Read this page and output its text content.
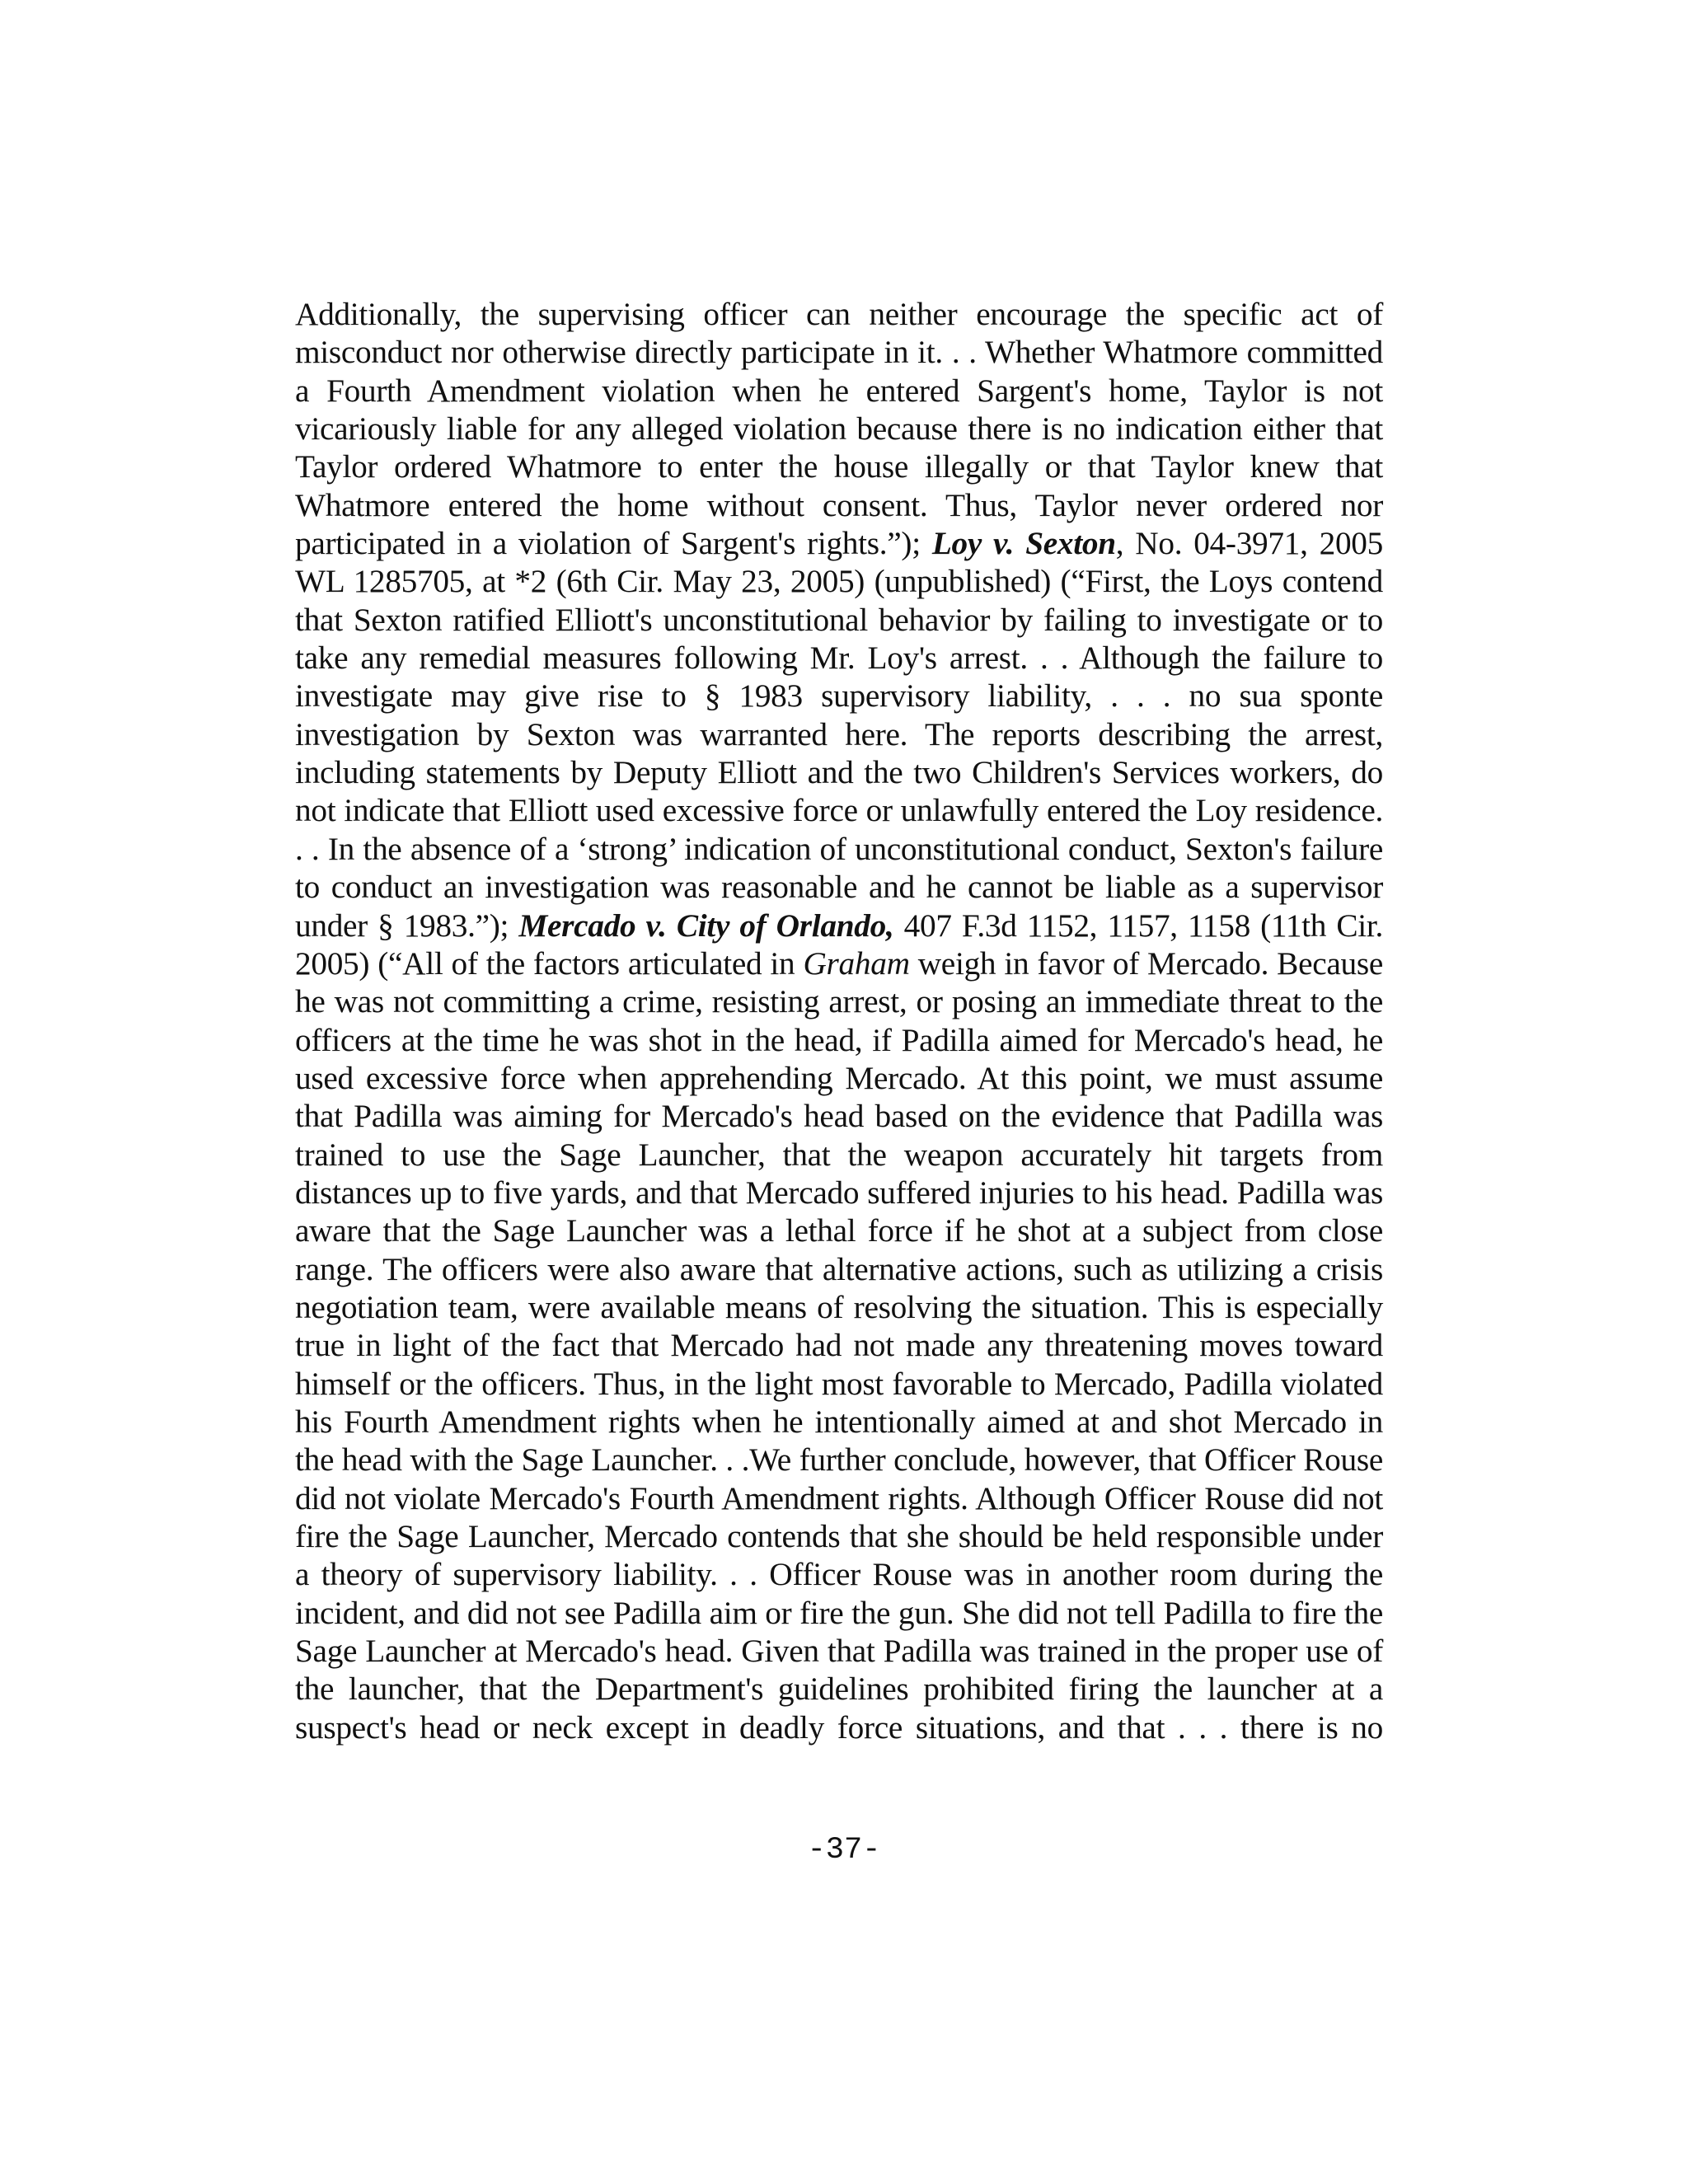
Additionally, the supervising officer can neither encourage the specific act of misconduct nor otherwise directly participate in it. . . Whether Whatmore committed a Fourth Amendment violation when he entered Sargent's home, Taylor is not vicariously liable for any alleged violation because there is no indication either that Taylor ordered Whatmore to enter the house illegally or that Taylor knew that Whatmore entered the home without consent. Thus, Taylor never ordered nor participated in a violation of Sargent's rights.”); Loy v. Sexton, No. 04-3971, 2005 WL 1285705, at *2 (6th Cir. May 23, 2005) (unpublished) (“First, the Loys contend that Sexton ratified Elliott's unconstitutional behavior by failing to investigate or to take any remedial measures following Mr. Loy's arrest. . . Although the failure to investigate may give rise to § 1983 supervisory liability, . . . no sua sponte investigation by Sexton was warranted here. The reports describing the arrest, including statements by Deputy Elliott and the two Children's Services workers, do not indicate that Elliott used excessive force or unlawfully entered the Loy residence. . . In the absence of a ‘strong’ indication of unconstitutional conduct, Sexton's failure to conduct an investigation was reasonable and he cannot be liable as a supervisor under § 1983.”); Mercado v. City of Orlando, 407 F.3d 1152, 1157, 1158 (11th Cir. 2005) (“All of the factors articulated in Graham weigh in favor of Mercado. Because he was not committing a crime, resisting arrest, or posing an immediate threat to the officers at the time he was shot in the head, if Padilla aimed for Mercado's head, he used excessive force when apprehending Mercado. At this point, we must assume that Padilla was aiming for Mercado's head based on the evidence that Padilla was trained to use the Sage Launcher, that the weapon accurately hit targets from distances up to five yards, and that Mercado suffered injuries to his head. Padilla was aware that the Sage Launcher was a lethal force if he shot at a subject from close range. The officers were also aware that alternative actions, such as utilizing a crisis negotiation team, were available means of resolving the situation. This is especially true in light of the fact that Mercado had not made any threatening moves toward himself or the officers. Thus, in the light most favorable to Mercado, Padilla violated his Fourth Amendment rights when he intentionally aimed at and shot Mercado in the head with the Sage Launcher. . .We further conclude, however, that Officer Rouse did not violate Mercado's Fourth Amendment rights. Although Officer Rouse did not fire the Sage Launcher, Mercado contends that she should be held responsible under a theory of supervisory liability. . . Officer Rouse was in another room during the incident, and did not see Padilla aim or fire the gun. She did not tell Padilla to fire the Sage Launcher at Mercado's head. Given that Padilla was trained in the proper use of the launcher, that the Department's guidelines prohibited firing the launcher at a suspect's head or neck except in deadly force situations, and that . . . there is no

-37-
